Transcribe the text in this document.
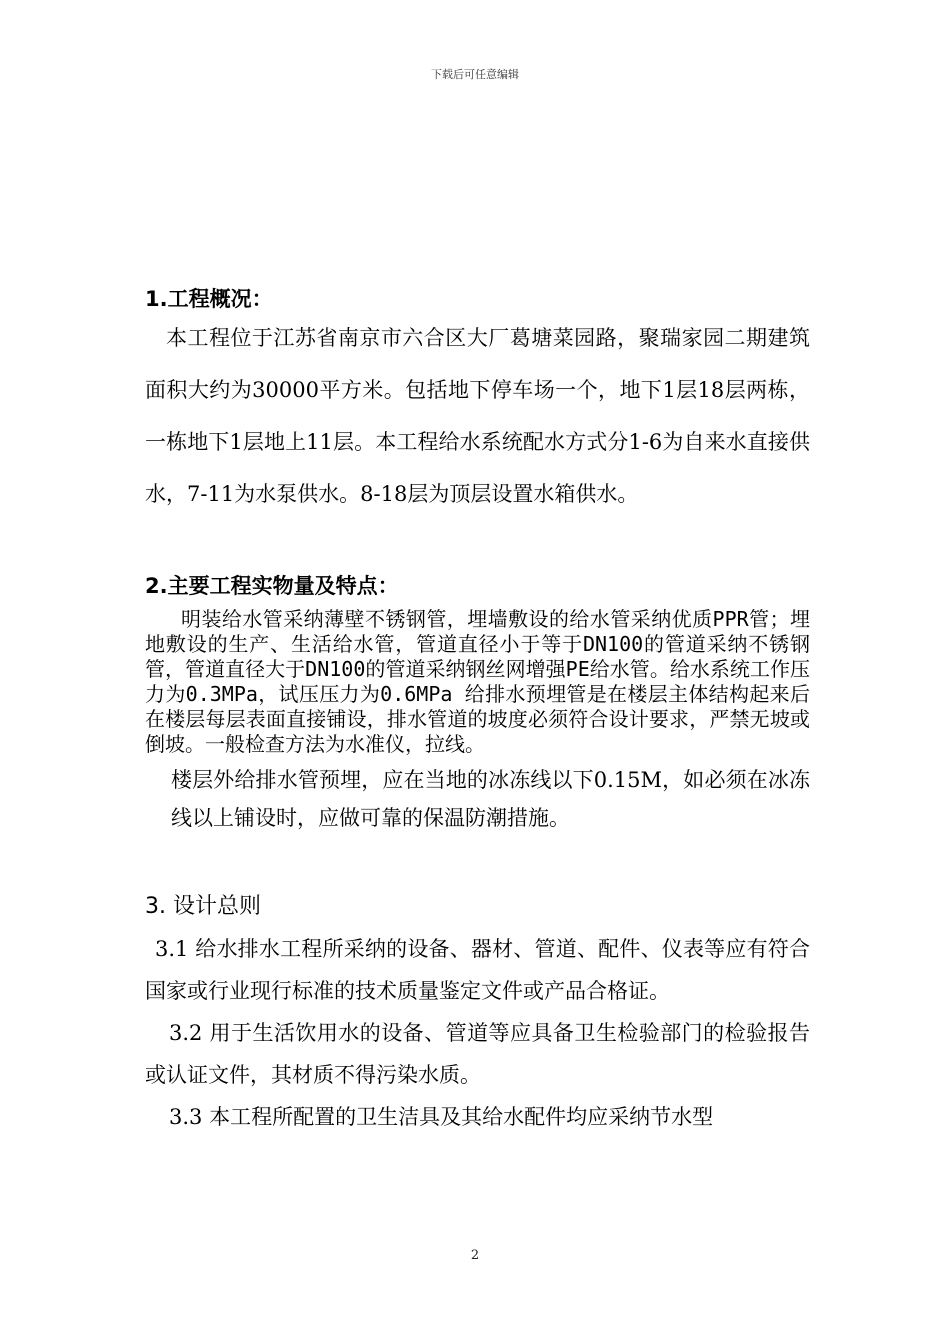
下载后可任意编辑
1.工程概况：

本工程位于江苏省南京市六合区大厂葛塘菜园路，聚瑞家园二期建筑面积大约为30000平方米。包括地下停车场一个，地下1层18层两栋，一栋地下1层地上11层。本工程给水系统配水方式分1-6为自来水直接供水，7-11为水泵供水。8-18层为顶层设置水箱供水。

2.主要工程实物量及特点：

明装给水管采纳薄壁不锈钢管，埋墙敷设的给水管采纳优质PPR管；埋地敷设的生产、生活给水管，管道直径小于等于DN100的管道采纳不锈钢管，管道直径大于DN100的管道采纳钢丝网增强PE给水管。给水系统工作压力为0.3MPa，试压压力为0.6MPa 给排水预埋管是在楼层主体结构起来后在楼层每层表面直接铺设，排水管道的坡度必须符合设计要求，严禁无坡或倒坡。一般检查方法为水准仪，拉线。

楼层外给排水管预埋，应在当地的冰冻线以下0.15M，如必须在冰冻线以上铺设时，应做可靠的保温防潮措施。

3. 设计总则

3.1 给水排水工程所采纳的设备、器材、管道、配件、仪表等应有符合国家或行业现行标准的技术质量鉴定文件或产品合格证。
3.2 用于生活饮用水的设备、管道等应具备卫生检验部门的检验报告或认证文件，其材质不得污染水质。
3.3 本工程所配置的卫生洁具及其给水配件均应采纳节水型

2
